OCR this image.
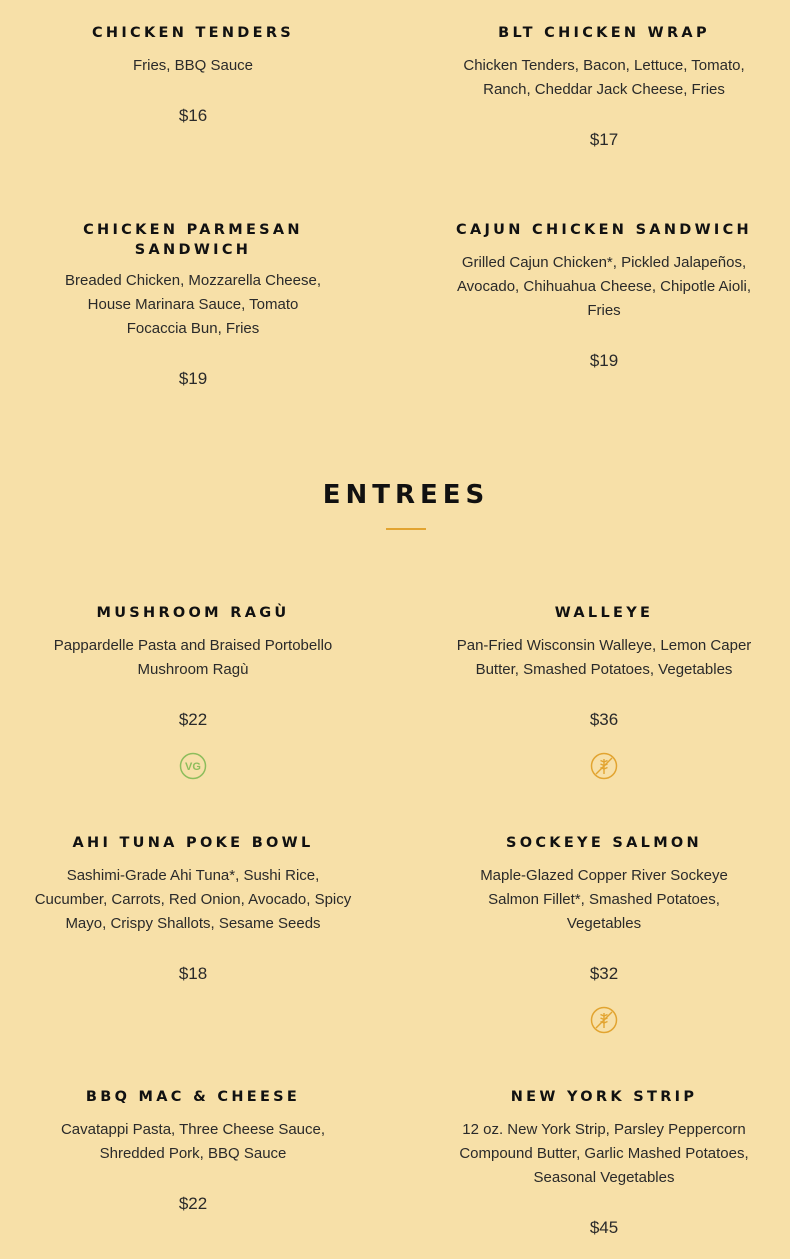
CHICKEN TENDERS
Fries, BBQ Sauce
$16
BLT CHICKEN WRAP
Chicken Tenders, Bacon, Lettuce, Tomato, Ranch, Cheddar Jack Cheese, Fries
$17
CHICKEN PARMESAN SANDWICH
Breaded Chicken, Mozzarella Cheese, House Marinara Sauce, Tomato Focaccia Bun, Fries
$19
CAJUN CHICKEN SANDWICH
Grilled Cajun Chicken*, Pickled Jalapeños, Avocado, Chihuahua Cheese, Chipotle Aioli, Fries
$19
ENTREES
MUSHROOM RAGÙ
Pappardelle Pasta and Braised Portobello Mushroom Ragù
$22
VG
WALLEYE
Pan-Fried Wisconsin Walleye, Lemon Caper Butter, Smashed Potatoes, Vegetables
$36
AHI TUNA POKE BOWL
Sashimi-Grade Ahi Tuna*, Sushi Rice, Cucumber, Carrots, Red Onion, Avocado, Spicy Mayo, Crispy Shallots, Sesame Seeds
$18
SOCKEYE SALMON
Maple-Glazed Copper River Sockeye Salmon Fillet*, Smashed Potatoes, Vegetables
$32
BBQ MAC & CHEESE
Cavatappi Pasta, Three Cheese Sauce, Shredded Pork, BBQ Sauce
$22
NEW YORK STRIP
12 oz. New York Strip, Parsley Peppercorn Compound Butter, Garlic Mashed Potatoes, Seasonal Vegetables
$45
